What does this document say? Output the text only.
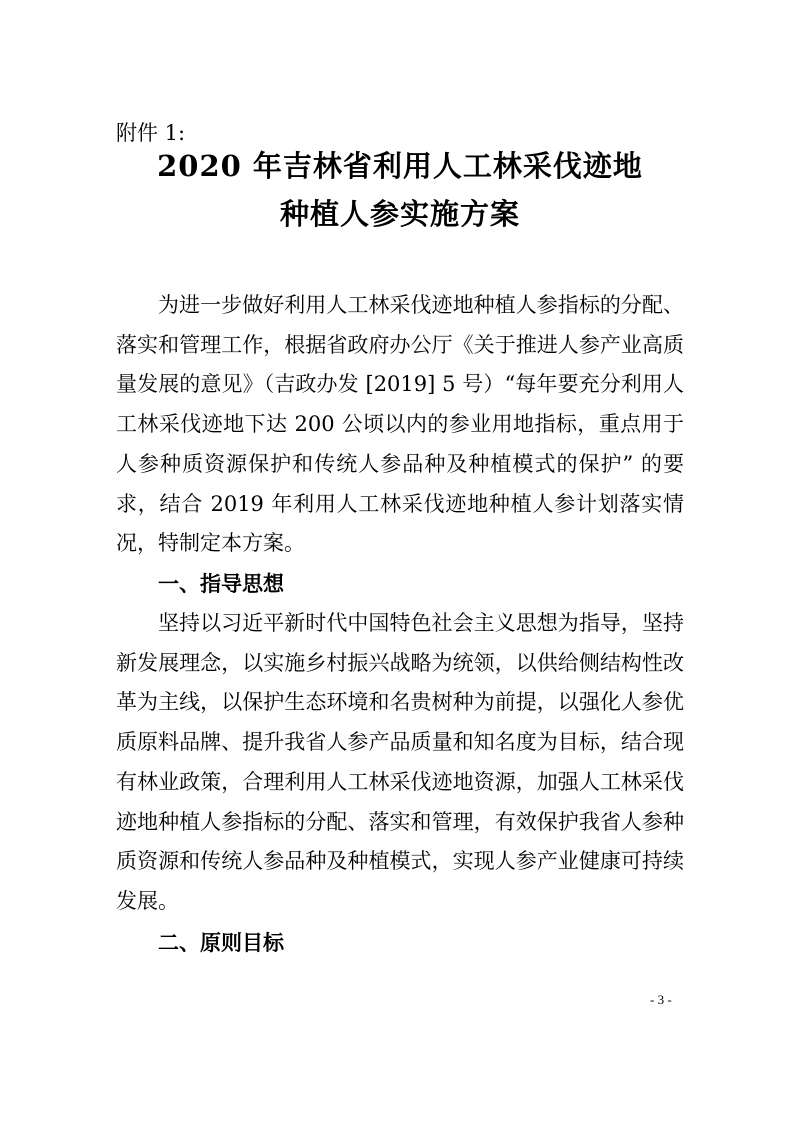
附件 1:
2020 年吉林省利用人工林采伐迹地
种植人参实施方案
为进一步做好利用人工林采伐迹地种植人参指标的分配、落实和管理工作，根据省政府办公厅《关于推进人参产业高质量发展的意见》（吉政办发 [2019] 5 号）“每年要充分利用人工林采伐迹地下达 200 公顷以内的参业用地指标，重点用于人参种质资源保护和传统人参品种及种植模式的保护” 的要求，结合 2019 年利用人工林采伐迹地种植人参计划落实情况，特制定本方案。
一、指导思想
坚持以习近平新时代中国特色社会主义思想为指导，坚持新发展理念，以实施乡村振兴战略为统领，以供给侧结构性改革为主线，以保护生态环境和名贵树种为前提，以强化人参优质原料品牌、提升我省人参产品质量和知名度为目标，结合现有林业政策，合理利用人工林采伐迹地资源，加强人工林采伐迹地种植人参指标的分配、落实和管理，有效保护我省人参种质资源和传统人参品种及种植模式，实现人参产业健康可持续发展。
二、原则目标
- 3 -
